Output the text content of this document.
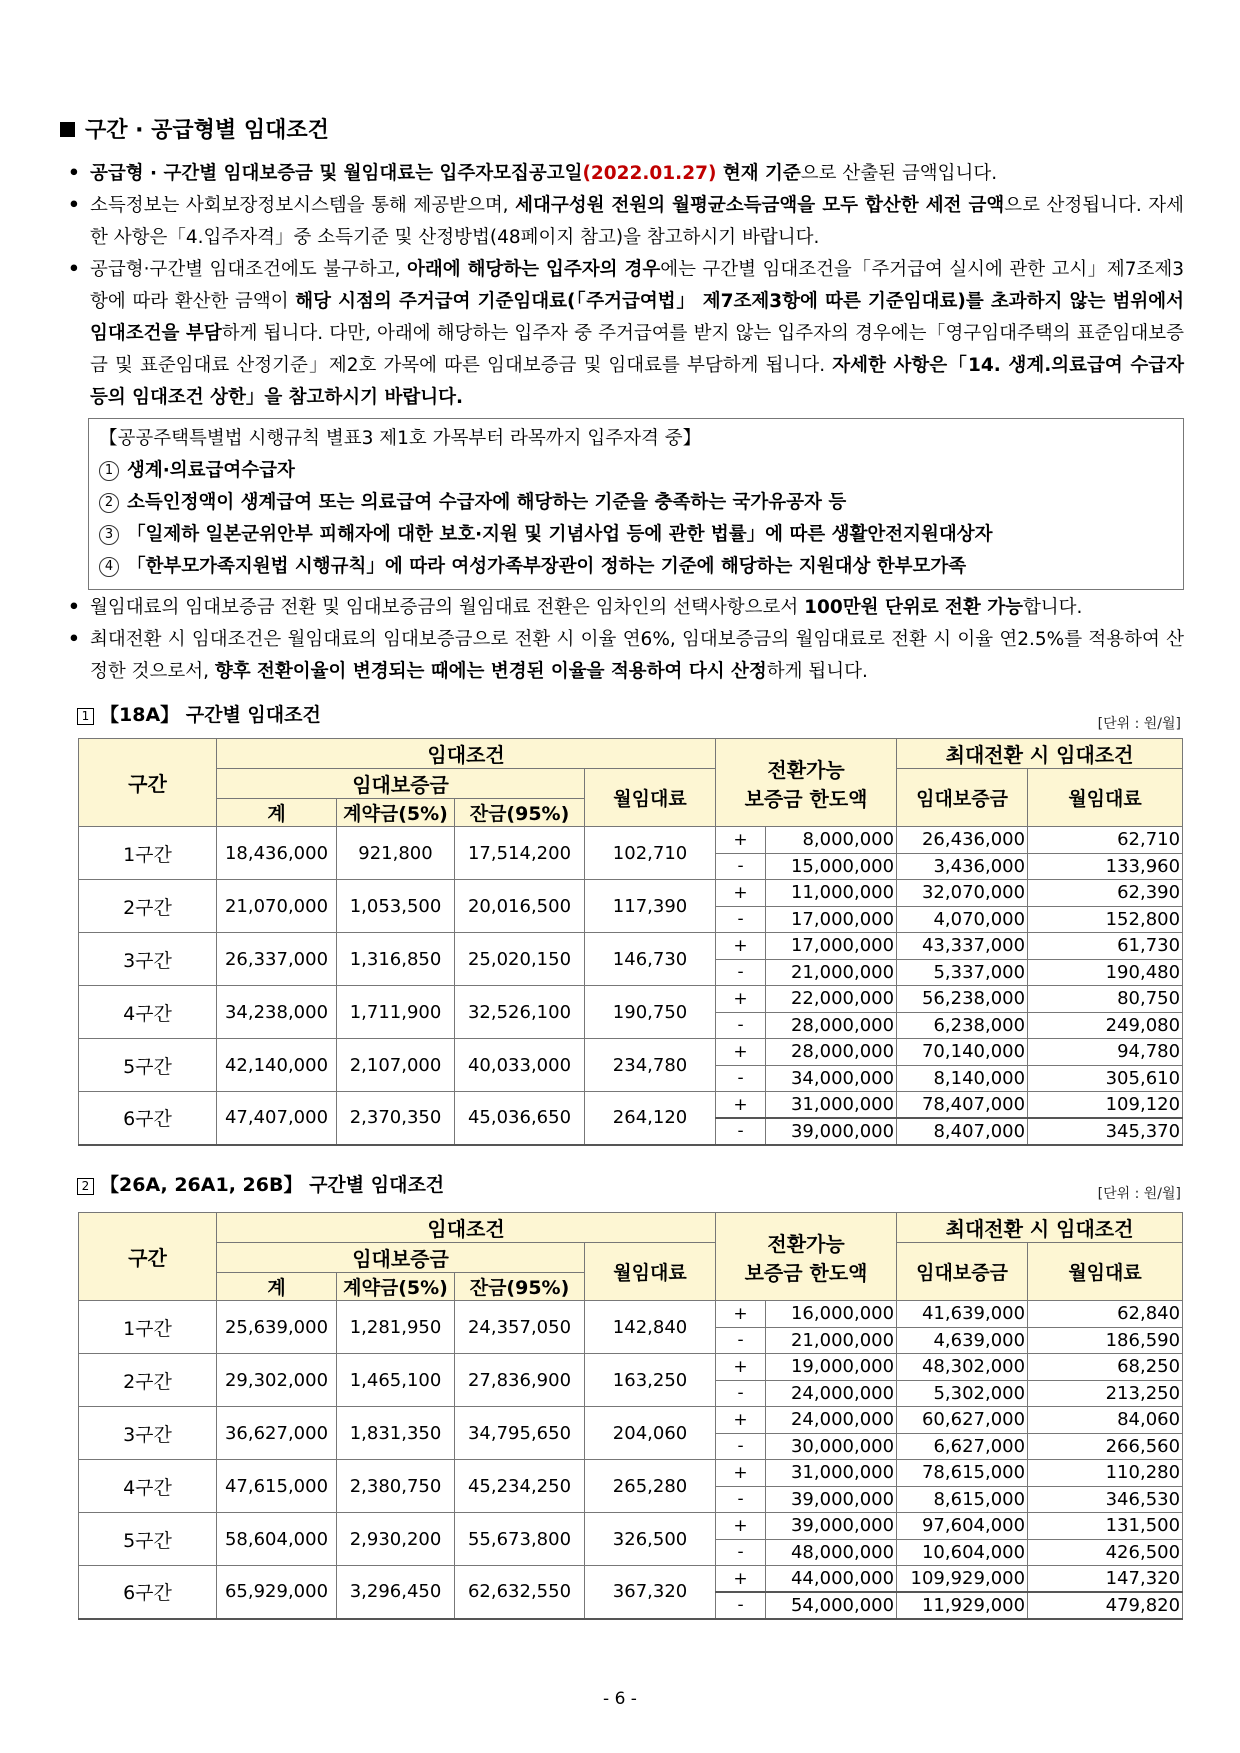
구간 · 공급형별 임대조건
• 공급형 · 구간별 임대보증금 및 월임대료는 입주자모집공고일(2022.01.27) 현재 기준으로 산출된 금액입니다.
• 소득정보는 사회보장정보시스템을 통해 제공받으며, 세대구성원 전원의 월평균소득금액을 모두 합산한 세전 금액으로 산정됩니다. 자세한 사항은「4.입주자격」중 소득기준 및 산정방법(48페이지 참고)을 참고하시기 바랍니다.
• 공급형·구간별 임대조건에도 불구하고, 아래에 해당하는 입주자의 경우에는 구간별 임대조건을「주거급여 실시에 관한 고시」제7조제3항에 따라 환산한 금액이 해당 시점의 주거급여 기준임대료(「주거급여법」 제7조제3항에 따른 기준임대료)를 초과하지 않는 범위에서 임대조건을 부담하게 됩니다. 다만, 아래에 해당하는 입주자 중 주거급여를 받지 않는 입주자의 경우에는「영구임대주택의 표준임대보증금 및 표준임대료 산정기준」제2호 가목에 따른 임대보증금 및 임대료를 부담하게 됩니다. 자세한 사항은「14. 생계.의료급여 수급자 등의 임대조건 상한」을 참고하시기 바랍니다.
【공공주택특별법 시행규칙 별표3 제1호 가목부터 라목까지 입주자격 중】
1 생계·의료급여수급자
2 소득인정액이 생계급여 또는 의료급여 수급자에 해당하는 기준을 충족하는 국가유공자 등
3 「일제하 일본군위안부 피해자에 대한 보호·지원 및 기념사업 등에 관한 법률」에 따른 생활안전지원대상자
4 「한부모가족지원법 시행규칙」에 따라 여성가족부장관이 정하는 기준에 해당하는 지원대상 한부모가족
• 월임대료의 임대보증금 전환 및 임대보증금의 월임대료 전환은 임차인의 선택사항으로서 100만원 단위로 전환 가능합니다.
• 최대전환 시 임대조건은 월임대료의 임대보증금으로 전환 시 이율 연6%, 임대보증금의 월임대료로 전환 시 이율 연2.5%를 적용하여 산정한 것으로서, 향후 전환이율이 변경되는 때에는 변경된 이율을 적용하여 다시 산정하게 됩니다.
1 【18A】 구간별 임대조건	[단위 : 원/월]
구간	임대조건				전환가능
보증금 한도액		최대전환 시 임대조건	
	임대보증금			월임대료			임대보증금	월임대료
	계	계약금(5%)	잔금(95%)					
1구간	18,436,000	921,800	17,514,200	102,710	+	8,000,000	26,436,000	62,710
					-	15,000,000	3,436,000	133,960
2구간	21,070,000	1,053,500	20,016,500	117,390	+	11,000,000	32,070,000	62,390
					-	17,000,000	4,070,000	152,800
3구간	26,337,000	1,316,850	25,020,150	146,730	+	17,000,000	43,337,000	61,730
					-	21,000,000	5,337,000	190,480
4구간	34,238,000	1,711,900	32,526,100	190,750	+	22,000,000	56,238,000	80,750
					-	28,000,000	6,238,000	249,080
5구간	42,140,000	2,107,000	40,033,000	234,780	+	28,000,000	70,140,000	94,780
					-	34,000,000	8,140,000	305,610
6구간	47,407,000	2,370,350	45,036,650	264,120	+	31,000,000	78,407,000	109,120
					-	39,000,000	8,407,000	345,370
2 【26A, 26A1, 26B】 구간별 임대조건	[단위 : 원/월]
구간	임대조건				전환가능
보증금 한도액		최대전환 시 임대조건	
	임대보증금			월임대료			임대보증금	월임대료
	계	계약금(5%)	잔금(95%)					
1구간	25,639,000	1,281,950	24,357,050	142,840	+	16,000,000	41,639,000	62,840
					-	21,000,000	4,639,000	186,590
2구간	29,302,000	1,465,100	27,836,900	163,250	+	19,000,000	48,302,000	68,250
					-	24,000,000	5,302,000	213,250
3구간	36,627,000	1,831,350	34,795,650	204,060	+	24,000,000	60,627,000	84,060
					-	30,000,000	6,627,000	266,560
4구간	47,615,000	2,380,750	45,234,250	265,280	+	31,000,000	78,615,000	110,280
					-	39,000,000	8,615,000	346,530
5구간	58,604,000	2,930,200	55,673,800	326,500	+	39,000,000	97,604,000	131,500
					-	48,000,000	10,604,000	426,500
6구간	65,929,000	3,296,450	62,632,550	367,320	+	44,000,000	109,929,000	147,320
					-	54,000,000	11,929,000	479,820
- 6 -
